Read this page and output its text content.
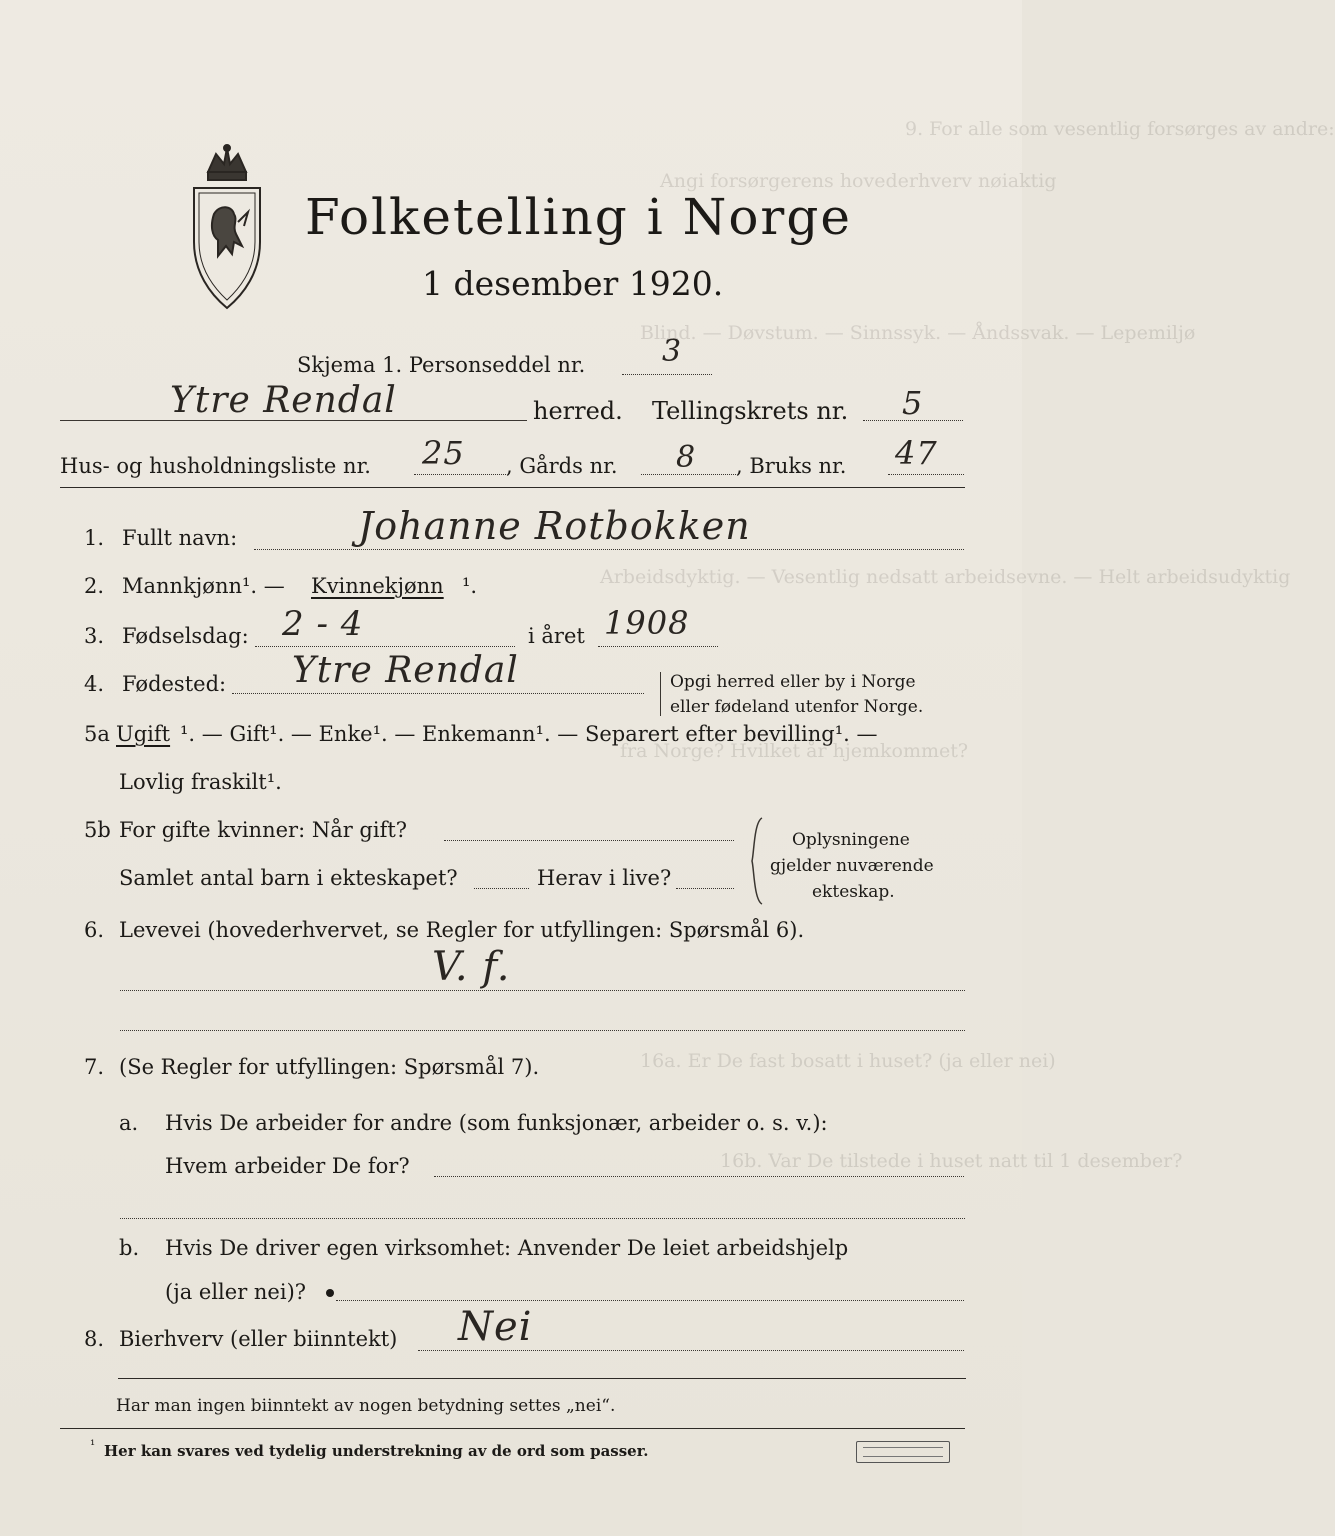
9. For alle som vesentlig forsørges av andre:
Angi forsørgerens hovederhverv nøiaktig
Blind. — Døvstum. — Sinnssyk. — Åndssvak. — Lepemiljø
Arbeidsdyktig. — Vesentlig nedsatt arbeidsevne. — Helt arbeidsudyktig
fra Norge? Hvilket år hjemkommet?
16a. Er De fast bosatt i huset? (ja eller nei)
16b. Var De tilstede i huset natt til 1 desember?
Folketelling i Norge
1 desember 1920.
Skjema 1. Personseddel nr.	3
Ytre Rendal	herred. Tellingskrets nr. 5
Hus- og husholdningsliste nr. 25 , Gårds nr. 8 , Bruks nr. 47
1. Fullt navn:	Johanne Rotbokken
2. Mannkjønn¹. — Kvinnekjønn ¹.
3. Fødselsdag: 2 - 4	i året 1908
4. Fødested: Ytre Rendal	Opgi herred eller by i Norge
eller fødeland utenfor Norge.
5a Ugift ¹. — Gift¹. — Enke¹. — Enkemann¹. — Separert efter bevilling¹. —
Lovlig fraskilt¹.
5b For gifte kvinner: Når gift?
Samlet antal barn i ekteskapet?	Herav i live?
Oplysningene
gjelder nuværende
ekteskap.
6. Levevei (hovederhvervet, se Regler for utfyllingen: Spørsmål 6).
V. f.
7. (Se Regler for utfyllingen: Spørsmål 7).
a. Hvis De arbeider for andre (som funksjonær, arbeider o. s. v.):
Hvem arbeider De for?
b. Hvis De driver egen virksomhet: Anvender De leiet arbeidshjelp
(ja eller nei)?
8. Bierhverv (eller biinntekt) Nei
Har man ingen biinntekt av nogen betydning settes „nei“.
¹ Her kan svares ved tydelig understrekning av de ord som passer.
